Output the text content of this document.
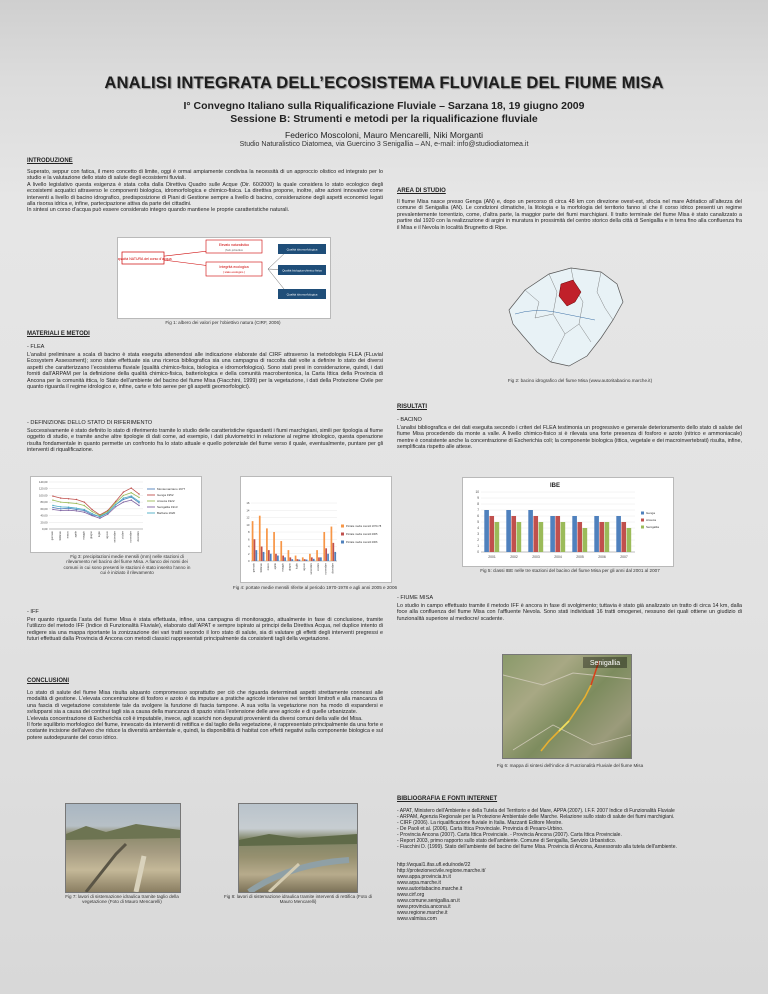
ANALISI INTEGRATA DELL’ECOSISTEMA FLUVIALE DEL FIUME MISA
I° Convegno Italiano sulla Riqualificazione Fluviale – Sarzana 18, 19 giugno 2009
Sessione B: Strumenti e metodi per la riqualificazione fluviale
Federico Moscoloni, Mauro Mencarelli, Niki Morganti
Studio Naturalistico Diatomea, via Guercino 3 Senigallia – AN, e-mail: info@studiodiatomea.it
INTRODUZIONE
Superato, seppur con fatica, il mero concetto di limite, oggi è ormai ampiamente condivisa la necessità di un approccio olistico ed integrato per lo studio e la valutazione dello stato di salute degli ecosistemi fluviali.
A livello legislativo questa esigenza è stata colta dalla Direttiva Quadro sulle Acque (Dir. 60/2000) la quale considera lo stato ecologico degli ecosistemi acquatici attraverso le componenti biologica, idromorfologica e chimico-fisica. La direttiva propone, inoltre, altre azioni innovative come interventi a livello di bacino idrografico, predisposizione di Piani di Gestione sempre a livello di bacino, considerazione degli aspetti economici legati alla risorsa idrica e, infine, partecipazione attiva da parte dei cittadini.
In sintesi un corso d’acqua può essere considerato integro quando mantiene le proprie caratteristiche naturali.
Capacità NATURA del corso d’acqua
Elevato naturalistico
(Sub-)obiettivo
Integrità ecologica
( stato ecologico )
Qualità idromorfologica
Qualità biologica-chimico fisica
Qualità idromorfologica
Fig 1: albero dei valori per l’obiettivo natura (CIRF, 2006)
AREA DI STUDIO
Il fiume Misa nasce presso Genga (AN) e, dopo un percorso di circa 48 km con direzione ovest-est, sfocia nel mare Adriatico all’altezza del comune di Senigallia (AN). Le condizioni climatiche, la litologia e la morfologia del territorio fanno sì che il corso idrico presenti un regime prevalentemente torrentizio, come, d’altra parte, la maggior parte dei fiumi marchigiani. Il tratto terminale del fiume Misa è stato canalizzato a partire dal 1920 con la realizzazione di argini in muratura in prossimità del centro storico della città di Senigallia e in terra fino alla confluenza fra il Misa e il Nevola in località Brugnetto di Ripe.
Fig 2: bacino idrografico del fiume Misa (www.autoritabacino.marche.it)
MATERIALI E METODI
- FLEA
L’analisi preliminare a scala di bacino è stata eseguita attenendosi alle indicazione elaborate dal CIRF attraverso la metodologia FLEA (FLuvial Ecosystem Assessment); sono state effettuate sia una ricerca bibliografica sia una campagna di raccolta dati volte a definire lo stato dei diversi aspetti che caratterizzano l’ecosistema fluviale (qualità chimico-fisica, biologica e idromorfologica). Sono stati presi in considerazione, quindi, i dati forniti dall’ARPAM per la definizione della qualità chimico-fisica, batteriologica e della comunità macrobentonica, la Carta Ittica della Provincia di Ancona per la comunità ittica, lo Stato dell’ambiente del bacino del fiume Misa (Fiacchini, 1999) per la vegetazione, i dati della Protezione Civile per quanto riguarda il regime idrologico e, infine, carte e foto aeree per gli aspetti geomorfologici).
- DEFINIZIONE DELLO STATO DI RIFERIMENTO
Successivamente è stato definito lo stato di riferimento tramite lo studio delle caratteristiche riguardanti i fiumi marchigiani, simili per tipologia al fiume oggetto di studio, e tramite anche altre tipologie di dati come, ad esempio, i dati pluviometrici in relazione al regime idrologico, questa operazione risulta fondamentale in quanto permette un confronto fra lo stato attuale e quello potenziale del fiume verso il quale, eventualmente, puntare per gli interventi di riqualificazione.
140,00
120,00
100,00
80,00
60,00
40,00
20,00
0,00
gennaio	febbraio	marzo	aprile	maggio	giugno	luglio	agosto	settembre	ottobre	novembre	dicembre
Montemarciano 1977
Genga 1952
Arcevia 1922
Senigallia 1913
Barbara 1920
Fig 3: precipitazioni medie mensili (mm) nelle stazioni di rilevamento nel bacino del fiume Misa. A fianco dei nomi dei comuni in cui sono presenti le stazioni è stato inserito l’anno in cui è iniziato il rilevamento
16
14
12
10
8
6
4
2
0
gennaio	febbraio	marzo	aprile	maggio	giugno	luglio	agosto	settembre	ottobre	novembre	dicembre
Portate medie mensili 1970-78
Portate medie mensili 2005
Portate medie mensili 2006
Fig 4: portate medie mensili riferite al periodo 1970-1978 e agli anni 2005 e 2006
- IFF
Per quanto riguarda l’asta del fiume Misa è stata effettuata, infine, una campagna di monitoraggio, attualmente in fase di conclusione, tramite l’utilizzo del metodo IFF (Indice di Funzionalità Fluviale), elaborato dall’APAT e sempre ispirato ai principi della Direttiva Acqua, nel duplice intento di redigere sia una mappa riportante la zonizzazione dei vari tratti secondo il loro stato di salute, sia di valutare gli effetti degli interventi pregressi e futuri effettuati dalla Provincia di Ancona con metodi classici rappresentati principalmente da consistenti tagli della vegetazione.
RISULTATI
- BACINO
L’analisi bibliografica e dei dati eseguita secondo i criteri del FLEA testimonia un progressivo e generale deterioramento dello stato di salute del fiume Misa procedendo da monte a valle. A livello chimico-fisico si è rilevata una forte presenza di fosforo e azoto (nitrico e ammoniacale) mentre è consistente anche la concentrazione di Escherichia coli; la componente biologica (ittica, vegetale e dei macroinvertebrati) risulta, infine, semplificata rispetto alle attese.
IBE
10
9
8
7
6
5
4
3
2
1
0
2001	2002	2003	2004	2005	2006	2007
Genga
Arcevia
Senigallia
Fig 5: classi IBE nelle tre stazioni del bacino del fiume Misa per gli anni dal 2001 al 2007
- FIUME MISA
Lo studio in campo effettuato tramite il metodo IFF è ancora in fase di svolgimento; tuttavia è stato già analizzato un tratto di circa 14 km, dalla foce alla confluenza del fiume Misa con l’affluente Nevola. Sono stati individuati 16 tratti omogenei, nessuno dei quali ottiene un giudizio di funzionalità superiore al mediocre/ scadente.
Senigallia
Fig 6: mappa di sintesi dell’indice di Funzionalità Fluviale del fiume Misa
CONCLUSIONI
Lo stato di salute del fiume Misa risulta alquanto compromesso soprattutto per ciò che riguarda determinati aspetti strettamente connessi alle modalità di gestione. L’elevata concentrazione di fosforo e azoto è da imputare a pratiche agricole intensive nei territori limitrofi e alla mancanza di una fascia di vegetazione consistente tale da svolgere la funzione di fascia tampone. A sua volta la vegetazione non ha modo di espandersi e svilupparsi sia a causa dei continui tagli sia a causa della mancanza di spazio vista l’estensione delle aree agricole e di quelle urbanizzate.
L’elevata concentrazione di Escherichia coli è imputabile, invece, agli scarichi non depurati provenienti da diversi comuni della valle del Misa.
Il forte squilibrio morfologico del fiume, innescato da interventi di rettifica e dal taglio della vegetazione, è rappresentato principalmente da una forte e costante incisione dell’alveo che riduce la diversità ambientale e, quindi, la disponibilità di habitat con effetti negativi sulla componente biologica e sul potere autodepurante del corso idrico.
Fig 7: lavori di sistemazione idraulica tramite taglio della vegetazione (Foto di Mauro Mencarelli)
Fig 8: lavori di sistemazione idraulica tramite interventi di rettifica (Foto di Mauro Mencarelli)
BIBLIOGRAFIA E FONTI INTERNET
- APAT, Ministero dell’Ambiente e della Tutela del Territorio e del Mare, APPA (2007). I.F.F. 2007 Indice di Funzionalità Fluviale
- ARPAM, Agenzia Regionale per la Protezione Ambientale delle Marche. Relazione sullo stato di salute dei fiumi marchigiani.
- CIRF (2006). La riqualificazione fluviale in Italia. Mazzanti Editore Mestre.
- De Paoli et al. (2006). Carta Ittica Provinciale. Provincia di Pesaro-Urbino.
- Provincia Ancona (2007). Carta Ittica Provinciale. - Provincia Ancona (2007). Carta Ittica Provinciale.
- Report 2003, primo rapporto sullo stato dell’ambiente. Comune di Senigallia, Servizio Urbanistico.
- Fiacchini D. (1999). Stato dell’ambiente del bacino del fiume Misa. Provincia di Ancona, Assessorato alla tutela dell’ambiente.
http://wqual1.ifas.ufl.edu/node/22
http://protezionecivile.regione.marche.it/
www.appa.provincia.tn.it
www.arpa.marche.it
www.autoritabacino.marche.it
www.cirf.org
www.comune.senigallia.an.it
www.provincia.ancona.it
www.regione.marche.it
www.valmisa.com
